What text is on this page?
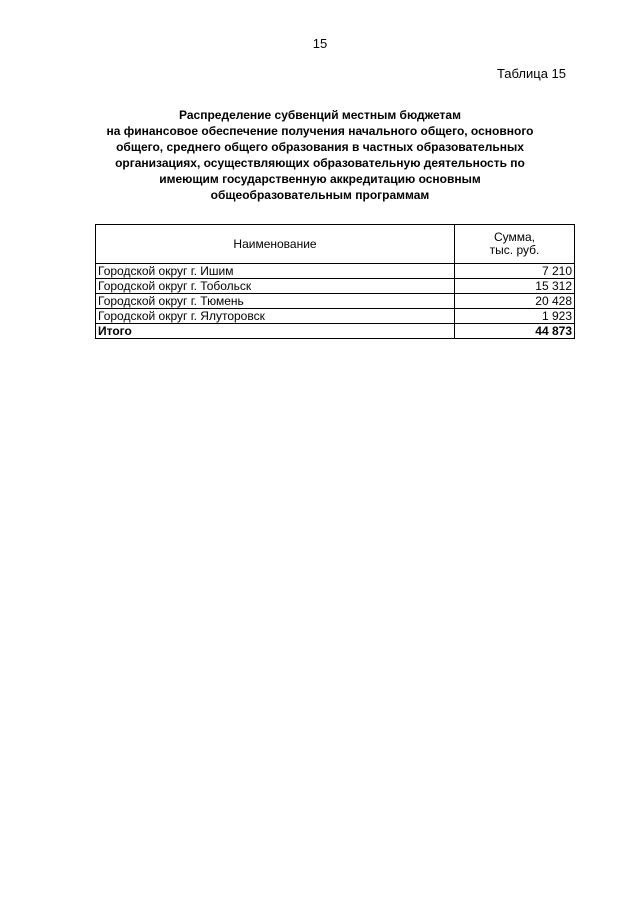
15
Таблица 15
Распределение субвенций местным бюджетам
на финансовое обеспечение получения начального общего, основного
общего, среднего общего образования в частных образовательных
организациях, осуществляющих образовательную деятельность по
имеющим государственную аккредитацию основным
общеобразовательным программам
Наименование	Сумма,
тыс. руб.

Городской округ г. Ишим	7 210
Городской округ г. Тобольск	15 312
Городской округ г. Тюмень	20 428
Городской округ г. Ялуторовск	1 923
Итого	44 873
